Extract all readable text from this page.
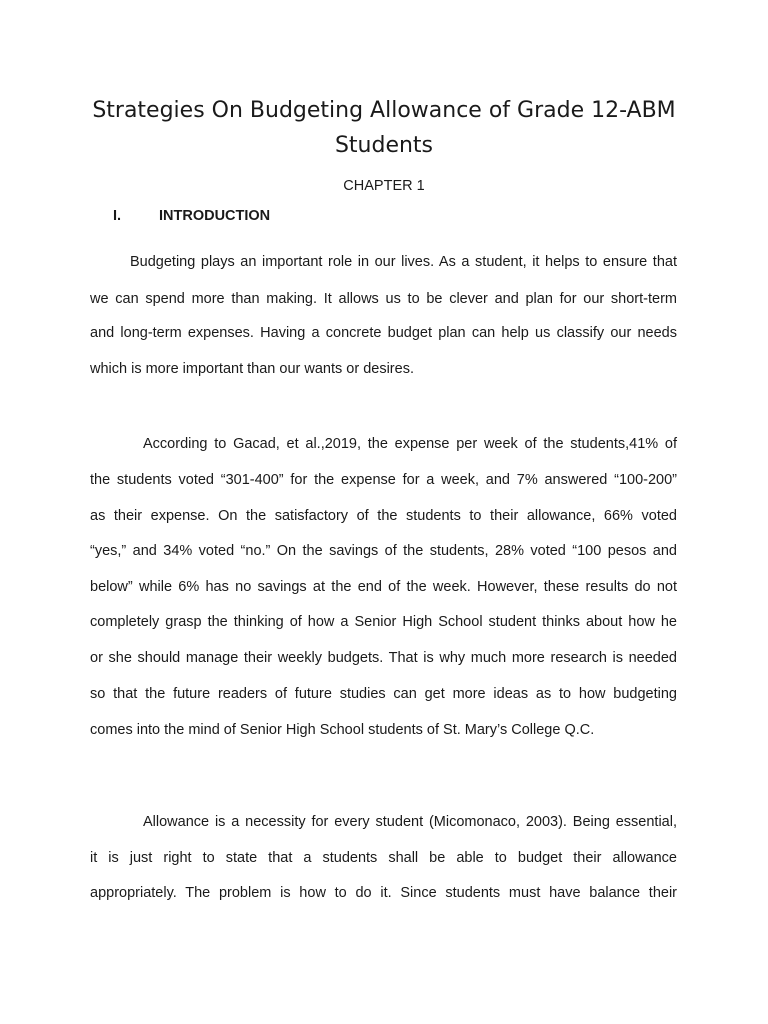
Strategies On Budgeting Allowance of Grade 12-ABM
Students
CHAPTER 1
I.	INTRODUCTION
Budgeting plays an important role in our lives. As a student, it helps to ensure that
we can spend more than making. It allows us to be clever and plan for our short-term
and long-term expenses. Having a concrete budget plan can help us classify our needs
which is more important than our wants or desires.
According to Gacad, et al.,2019, the expense per week of the students,41% of
the students voted “301-400” for the expense for a week, and 7% answered “100-200”
as their expense. On the satisfactory of the students to their allowance, 66% voted
“yes,” and 34% voted “no.” On the savings of the students, 28% voted “100 pesos and
below” while 6% has no savings at the end of the week. However, these results do not
completely grasp the thinking of how a Senior High School student thinks about how he
or she should manage their weekly budgets. That is why much more research is needed
so that the future readers of future studies can get more ideas as to how budgeting
comes into the mind of Senior High School students of St. Mary’s College Q.C.
Allowance is a necessity for every student (Micomonaco, 2003). Being essential,
it is just right to state that a students shall be able to budget their allowance
appropriately. The problem is how to do it. Since students must have balance their
